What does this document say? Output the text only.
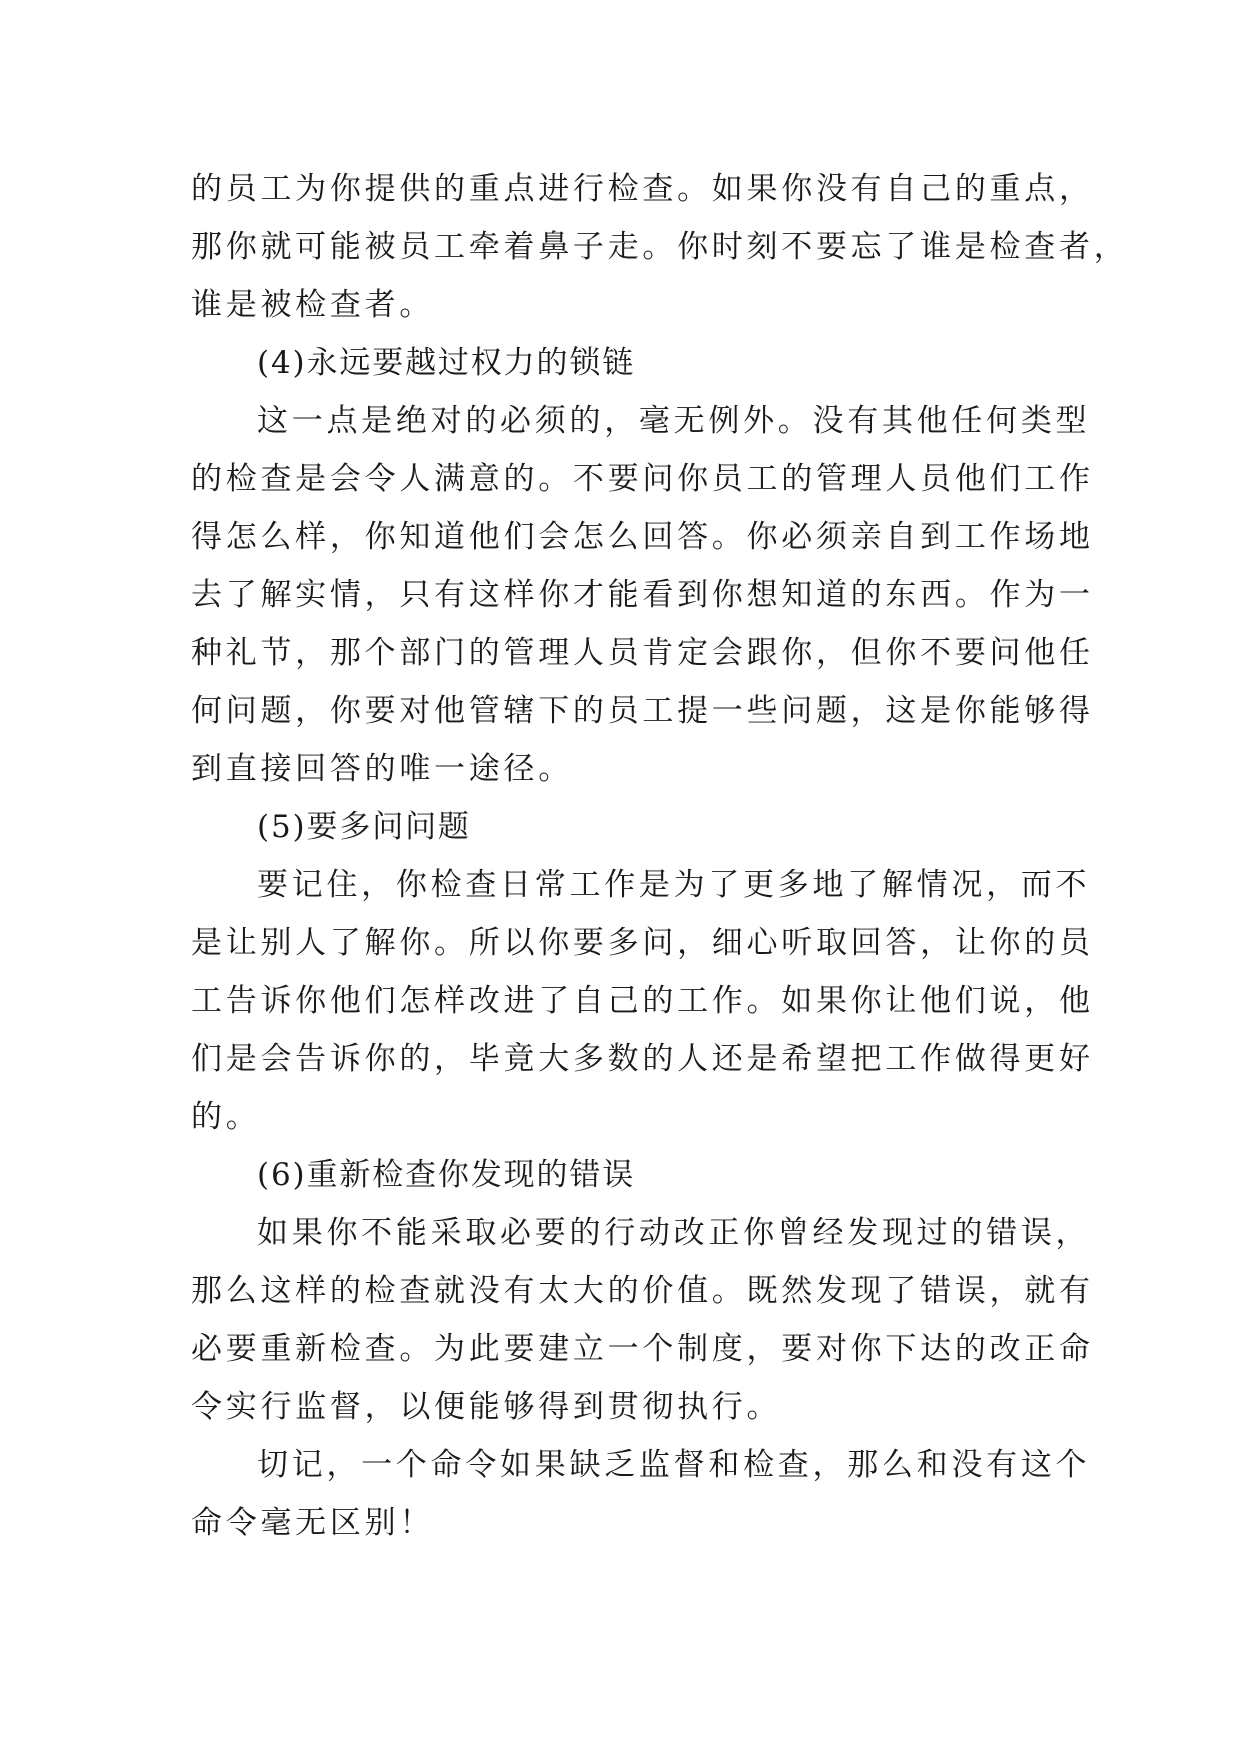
的员工为你提供的重点进行检查。如果你没有自己的重点，
那你就可能被员工牵着鼻子走。你时刻不要忘了谁是检查者，
谁是被检查者。
(4)永远要越过权力的锁链
这一点是绝对的必须的，毫无例外。没有其他任何类型
的检查是会令人满意的。不要问你员工的管理人员他们工作
得怎么样，你知道他们会怎么回答。你必须亲自到工作场地
去了解实情，只有这样你才能看到你想知道的东西。作为一
种礼节，那个部门的管理人员肯定会跟你，但你不要问他任
何问题，你要对他管辖下的员工提一些问题，这是你能够得
到直接回答的唯一途径。
(5)要多问问题
要记住，你检查日常工作是为了更多地了解情况，而不
是让别人了解你。所以你要多问，细心听取回答，让你的员
工告诉你他们怎样改进了自己的工作。如果你让他们说，他
们是会告诉你的，毕竟大多数的人还是希望把工作做得更好
的。
(6)重新检查你发现的错误
如果你不能采取必要的行动改正你曾经发现过的错误，
那么这样的检查就没有太大的价值。既然发现了错误，就有
必要重新检查。为此要建立一个制度，要对你下达的改正命
令实行监督，以便能够得到贯彻执行。
切记，一个命令如果缺乏监督和检查，那么和没有这个
命令毫无区别！
